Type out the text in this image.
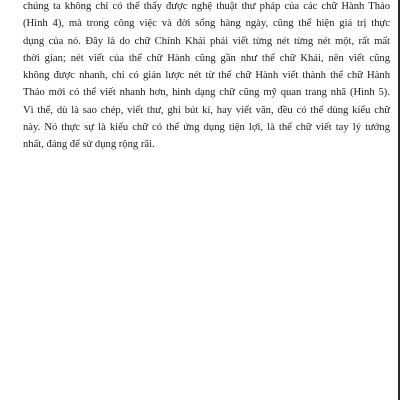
chúng ta không chỉ có thể thấy được nghệ thuật thư pháp của các chữ Hành Thảo
(Hình 4), mà trong công việc và đời sống hàng ngày, cũng thể hiện giá trị thực
dụng của nó. Đây là do chữ Chính Khải phải viết từng nét từng nét một, rất mất
thời gian; nét viết của thể chữ Hành cũng gần như thể chữ Khải, nên viết cũng
không được nhanh, chỉ có giản lược nét từ thể chữ Hành viết thành thể chữ Hành
Thảo mới có thể viết nhanh hơn, hình dạng chữ cũng mỹ quan trang nhã (Hình 5).
Vì thế, dù là sao chép, viết thư, ghi bút kí, hay viết văn, đều có thể dùng kiểu chữ
này. Nó thực sự là kiểu chữ có thể ứng dụng tiện lợi, là thể chữ viết tay lý tưởng
nhất, đáng để sử dụng rộng rãi.
